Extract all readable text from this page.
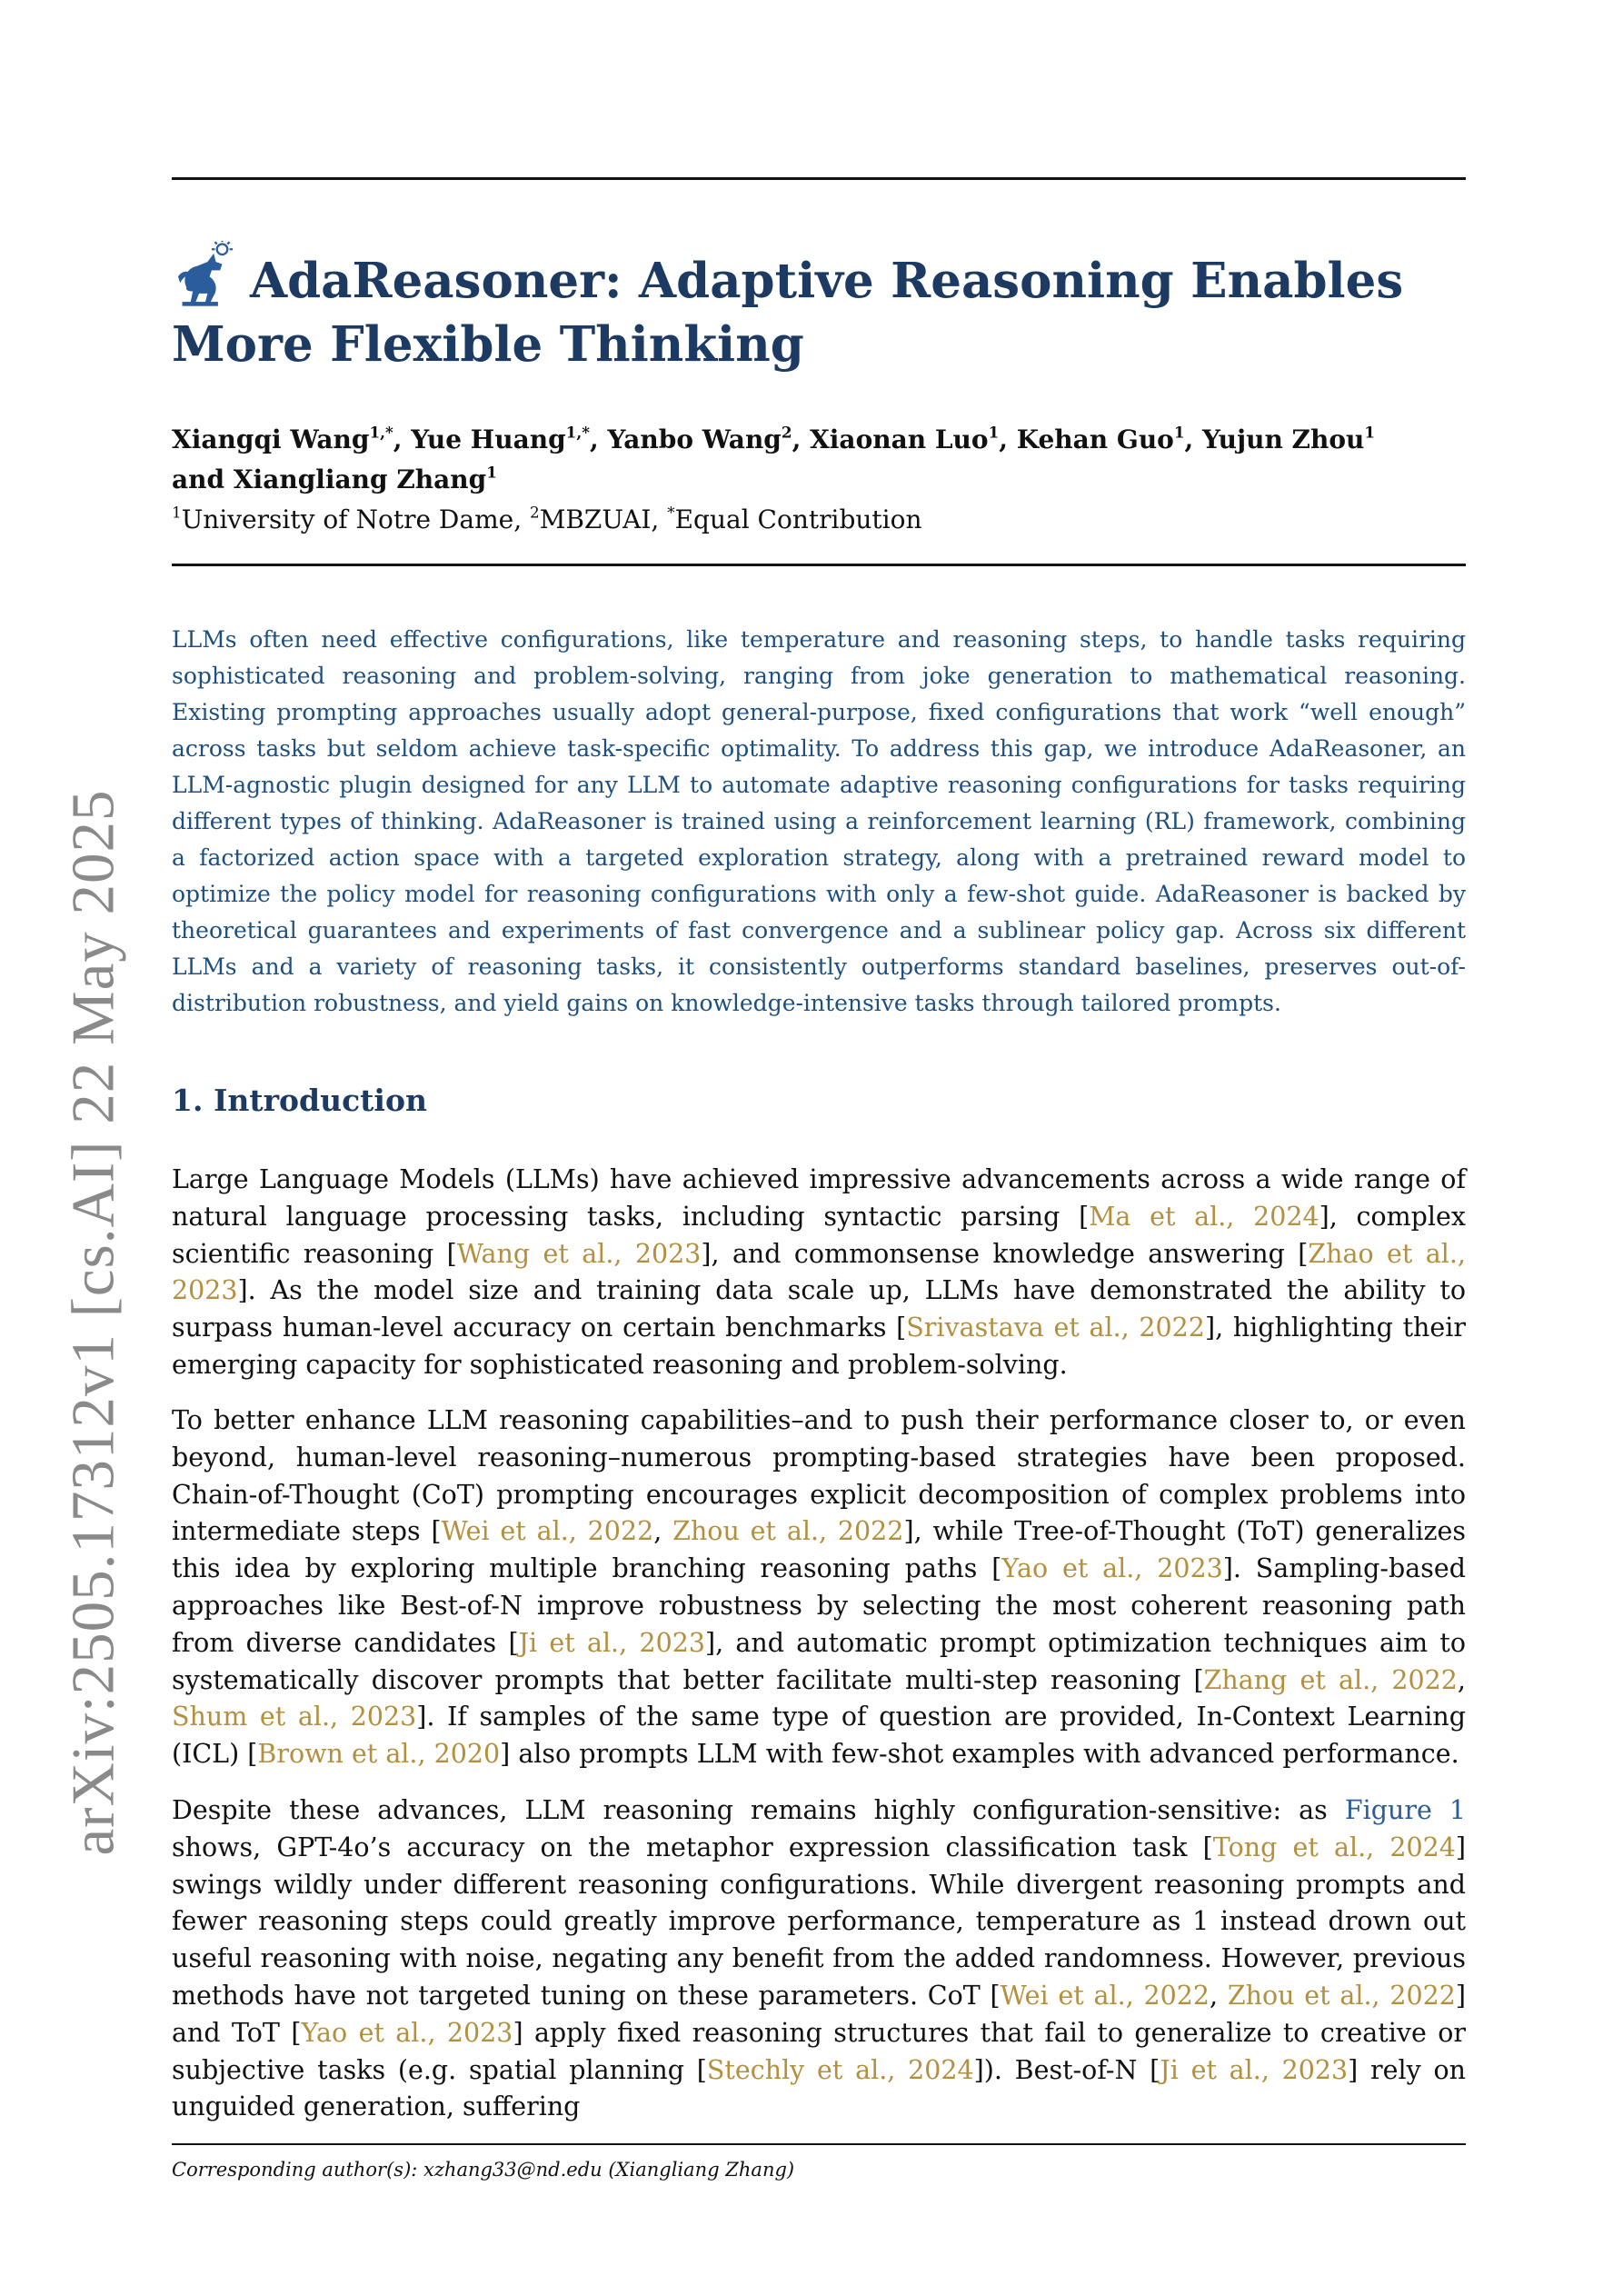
arXiv:2505.17312v1 [cs.AI] 22 May 2025
AdaReasoner: Adaptive Reasoning Enables More Flexible Thinking
Xiangqi Wang$^{1,*}$, Yue Huang$^{1,*}$, Yanbo Wang$^2$, Xiaonan Luo$^1$, Kehan Guo$^1$, Yujun Zhou$^1$
and Xiangliang Zhang$^1$
$^1$University of Notre Dame, $^2$MBZUAI, *Equal Contribution

LLMs often need effective configurations, like temperature and reasoning steps, to handle tasks requiring sophisticated reasoning and problem-solving, ranging from joke generation to mathematical reasoning. Existing prompting approaches usually adopt general-purpose, fixed configurations that work “well enough” across tasks but seldom achieve task-specific optimality. To address this gap, we introduce AdaReasoner, an LLM-agnostic plugin designed for any LLM to automate adaptive reasoning configurations for tasks requiring different types of thinking. AdaReasoner is trained using a reinforcement learning (RL) framework, combining a factorized action space with a targeted exploration strategy, along with a pretrained reward model to optimize the policy model for reasoning configurations with only a few-shot guide. AdaReasoner is backed by theoretical guarantees and experiments of fast convergence and a sublinear policy gap. Across six different LLMs and a variety of reasoning tasks, it consistently outperforms standard baselines, preserves out-of-distribution robustness, and yield gains on knowledge-intensive tasks through tailored prompts.

1. Introduction

Large Language Models (LLMs) have achieved impressive advancements across a wide range of natural language processing tasks, including syntactic parsing [Ma et al., 2024], complex scientific reasoning [Wang et al., 2023], and commonsense knowledge answering [Zhao et al., 2023]. As the model size and training data scale up, LLMs have demonstrated the ability to surpass human-level accuracy on certain benchmarks [Srivastava et al., 2022], highlighting their emerging capacity for sophisticated reasoning and problem-solving.

To better enhance LLM reasoning capabilities–and to push their performance closer to, or even beyond, human-level reasoning–numerous prompting-based strategies have been proposed. Chain-of-Thought (CoT) prompting encourages explicit decomposition of complex problems into intermediate steps [Wei et al., 2022, Zhou et al., 2022], while Tree-of-Thought (ToT) generalizes this idea by exploring multiple branching reasoning paths [Yao et al., 2023]. Sampling-based approaches like Best-of-N improve robustness by selecting the most coherent reasoning path from diverse candidates [Ji et al., 2023], and automatic prompt optimization techniques aim to systematically discover prompts that better facilitate multi-step reasoning [Zhang et al., 2022, Shum et al., 2023]. If samples of the same type of question are provided, In-Context Learning (ICL) [Brown et al., 2020] also prompts LLM with few-shot examples with advanced performance.

Despite these advances, LLM reasoning remains highly configuration-sensitive: as Figure 1 shows, GPT-4o’s accuracy on the metaphor expression classification task [Tong et al., 2024] swings wildly under different reasoning configurations. While divergent reasoning prompts and fewer reasoning steps could greatly improve performance, temperature as 1 instead drown out useful reasoning with noise, negating any benefit from the added randomness. However, previous methods have not targeted tuning on these parameters. CoT [Wei et al., 2022, Zhou et al., 2022] and ToT [Yao et al., 2023] apply fixed reasoning structures that fail to generalize to creative or subjective tasks (e.g. spatial planning [Stechly et al., 2024]). Best-of-N [Ji et al., 2023] rely on unguided generation, suffering

Corresponding author(s): xzhang33@nd.edu (Xiangliang Zhang)
